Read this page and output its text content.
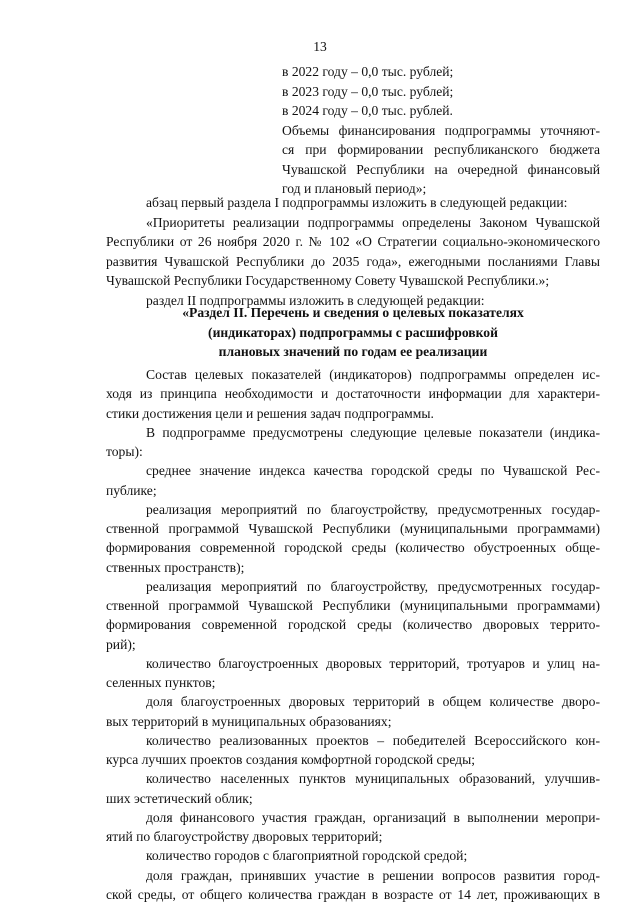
13
в 2022 году – 0,0 тыс. рублей;
в 2023 году – 0,0 тыс. рублей;
в 2024 году – 0,0 тыс. рублей.
Объемы финансирования подпрограммы уточняют-
ся при формировании республиканского бюджета
Чувашской Республики на очередной финансовый
год и плановый период»;
абзац первый раздела I подпрограммы изложить в следующей редакции:
«Приоритеты реализации подпрограммы определены Законом Чувашской
Республики от 26 ноября 2020 г. № 102 «О Стратегии социально-экономического
развития Чувашской Республики до 2035 года», ежегодными посланиями Главы
Чувашской Республики Государственному Совету Чувашской Республики.»;
раздел II подпрограммы изложить в следующей редакции:
«Раздел II. Перечень и сведения о целевых показателях
(индикаторах) подпрограммы с расшифровкой
плановых значений по годам ее реализации
Состав целевых показателей (индикаторов) подпрограммы определен ис-
ходя из принципа необходимости и достаточности информации для характери-
стики достижения цели и решения задач подпрограммы.
В подпрограмме предусмотрены следующие целевые показатели (индика-
торы):
среднее значение индекса качества городской среды по Чувашской Рес-
публике;
реализация мероприятий по благоустройству, предусмотренных государ-
ственной программой Чувашской Республики (муниципальными программами)
формирования современной городской среды (количество обустроенных обще-
ственных пространств);
реализация мероприятий по благоустройству, предусмотренных государ-
ственной программой Чувашской Республики (муниципальными программами)
формирования современной городской среды (количество дворовых террито-
рий);
количество благоустроенных дворовых территорий, тротуаров и улиц на-
селенных пунктов;
доля благоустроенных дворовых территорий в общем количестве дворо-
вых территорий в муниципальных образованиях;
количество реализованных проектов – победителей Всероссийского кон-
курса лучших проектов создания комфортной городской среды;
количество населенных пунктов муниципальных образований, улучшив-
ших эстетический облик;
доля финансового участия граждан, организаций в выполнении меропри-
ятий по благоустройству дворовых территорий;
количество городов с благоприятной городской средой;
доля граждан, принявших участие в решении вопросов развития город-
ской среды, от общего количества граждан в возрасте от 14 лет, проживающих в
